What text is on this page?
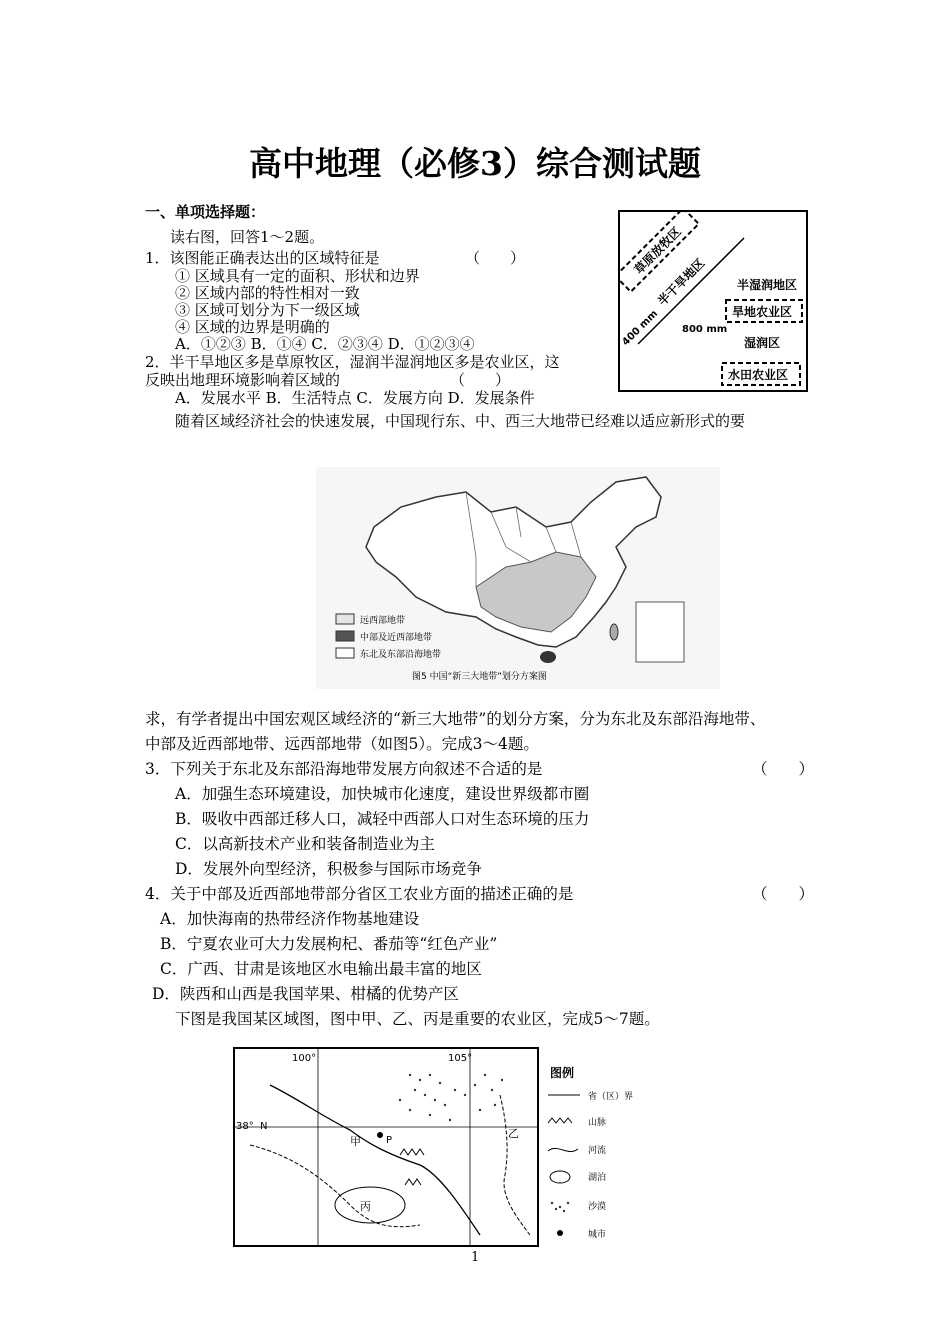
高中地理（必修3）综合测试题
一、单项选择题：
读右图，回答1～2题。
1．该图能正确表达出的区域特征是	（　　）
① 区域具有一定的面积、形状和边界
② 区域内部的特性相对一致
③ 区域可划分为下一级区域
④ 区域的边界是明确的
A．①②③ B．①④ C．②③④ D．①②③④
2．半干旱地区多是草原牧区，湿润半湿润地区多是农业区，这
反映出地理环境影响着区域的	（　　）
A．发展水平 B．生活特点 C．发展方向 D．发展条件
随着区域经济社会的快速发展，中国现行东、中、西三大地带已经难以适应新形式的要
草原放牧区
半干旱地区
400 mm 800 mm
半湿润地区
旱地农业区
湿润区
水田农业区
远西部地带
中部及近西部地带
东北及东部沿海地带
图5 中国“新三大地带”划分方案图
求，有学者提出中国宏观区域经济的“新三大地带”的划分方案，分为东北及东部沿海地带、
中部及近西部地带、远西部地带（如图5）。完成3～4题。
3．下列关于东北及东部沿海地带发展方向叙述不合适的是	（　　）
A．加强生态环境建设，加快城市化速度，建设世界级都市圈
B．吸收中西部迁移人口，减轻中西部人口对生态环境的压力
C．以高新技术产业和装备制造业为主
D．发展外向型经济，积极参与国际市场竞争
4．关于中部及近西部地带部分省区工农业方面的描述正确的是	（　　）
A．加快海南的热带经济作物基地建设
B．宁夏农业可大力发展枸杞、番茄等“红色产业”
C．广西、甘肃是该地区水电输出最丰富的地区
D．陕西和山西是我国苹果、柑橘的优势产区
下图是我国某区域图，图中甲、乙、丙是重要的农业区，完成5～7题。
100°	105°
38° N
P
甲
乙
丙
图例
省（区）界
山脉
河流
湖泊
沙漠
城市
1
